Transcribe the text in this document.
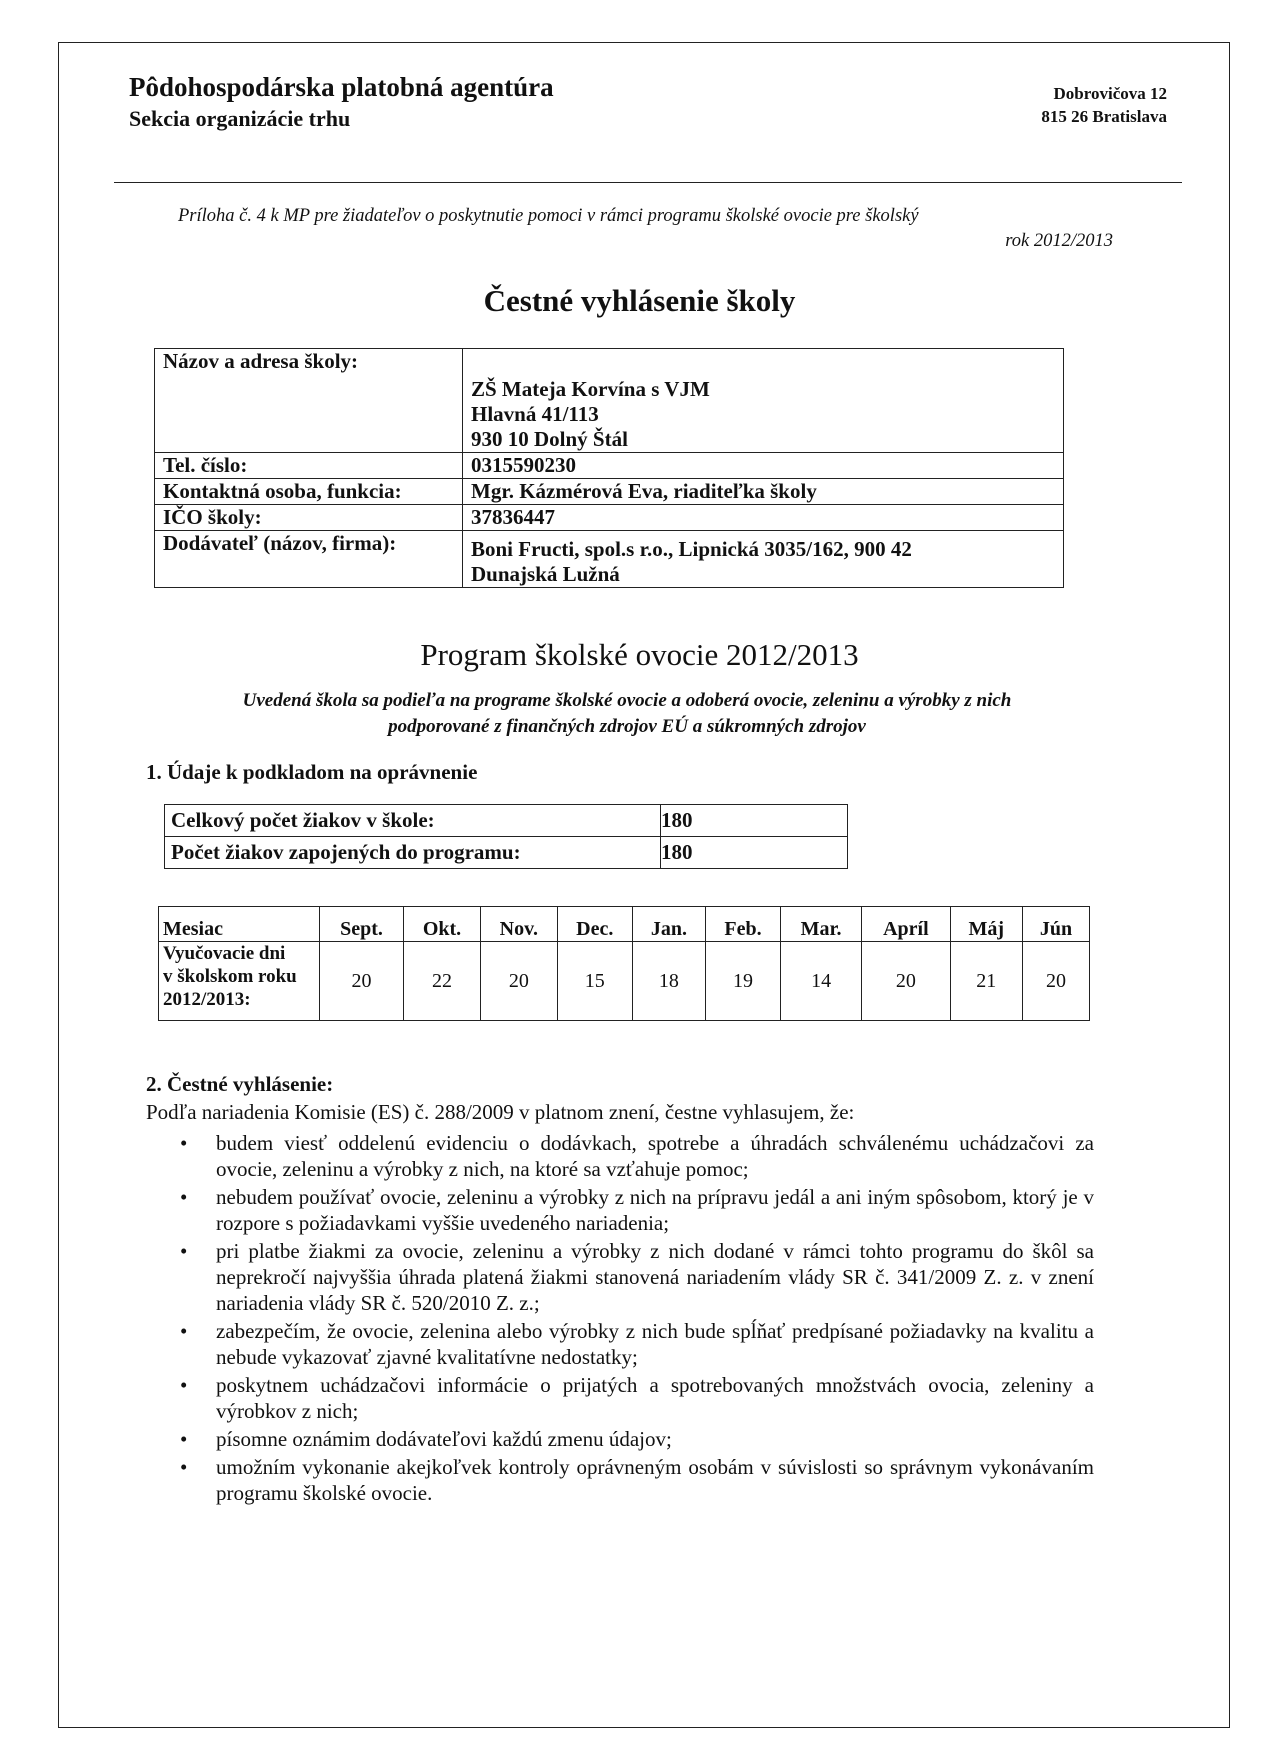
Pôdohospodárska platobná agentúra
Sekcia organizácie trhu
Dobrovičova 12
815 26 Bratislava
Príloha č. 4 k MP pre žiadateľov o poskytnutie pomoci v rámci programu školské ovocie pre školský
rok 2012/2013
Čestné vyhlásenie školy
Názov a adresa školy:	ZŠ Mateja Korvína s VJM
Hlavná 41/113
930 10 Dolný Štál

Tel. číslo:	0315590230
Kontaktná osoba, funkcia:	Mgr. Kázmérová Eva, riaditeľka školy
IČO školy:	37836447
Dodávateľ (názov, firma):	Boni Fructi, spol.s r.o., Lipnická 3035/162, 900 42
Dunajská Lužná
Program školské ovocie 2012/2013
Uvedená škola sa podieľa na programe školské ovocie a odoberá ovocie, zeleninu a výrobky z nich
podporované z finančných zdrojov EÚ a súkromných zdrojov
1. Údaje k podkladom na oprávnenie
Celkový počet žiakov v škole:	180
Počet žiakov zapojených do programu:	180
Mesiac	Sept.	Okt.	Nov.	Dec.	Jan.	Feb.	Mar.	Apríl	Máj	Jún

Vyučovacie dni
v školskom roku
2012/2013:	20	22	20	15	18	19	14	20	21	20
2. Čestné vyhlásenie:
Podľa nariadenia Komisie (ES) č. 288/2009 v platnom znení, čestne vyhlasujem, že:
• budem viesť oddelenú evidenciu o dodávkach, spotrebe a úhradách schválenému uchádzačovi za ovocie, zeleninu a výrobky z nich, na ktoré sa vzťahuje pomoc;
• nebudem používať ovocie, zeleninu a výrobky z nich na prípravu jedál a ani iným spôsobom, ktorý je v rozpore s požiadavkami vyššie uvedeného nariadenia;
• pri platbe žiakmi za ovocie, zeleninu a výrobky z nich dodané v rámci tohto programu do škôl sa neprekročí najvyššia úhrada platená žiakmi stanovená nariadením vlády SR č. 341/2009 Z. z. v znení nariadenia vlády SR č. 520/2010 Z. z.;
• zabezpečím, že ovocie, zelenina alebo výrobky z nich bude spĺňať predpísané požiadavky na kvalitu a nebude vykazovať zjavné kvalitatívne nedostatky;
• poskytnem uchádzačovi informácie o prijatých a spotrebovaných množstvách ovocia, zeleniny a výrobkov z nich;
• písomne oznámim dodávateľovi každú zmenu údajov;
• umožním vykonanie akejkoľvek kontroly oprávneným osobám v súvislosti so správnym vykonávaním programu školské ovocie.
